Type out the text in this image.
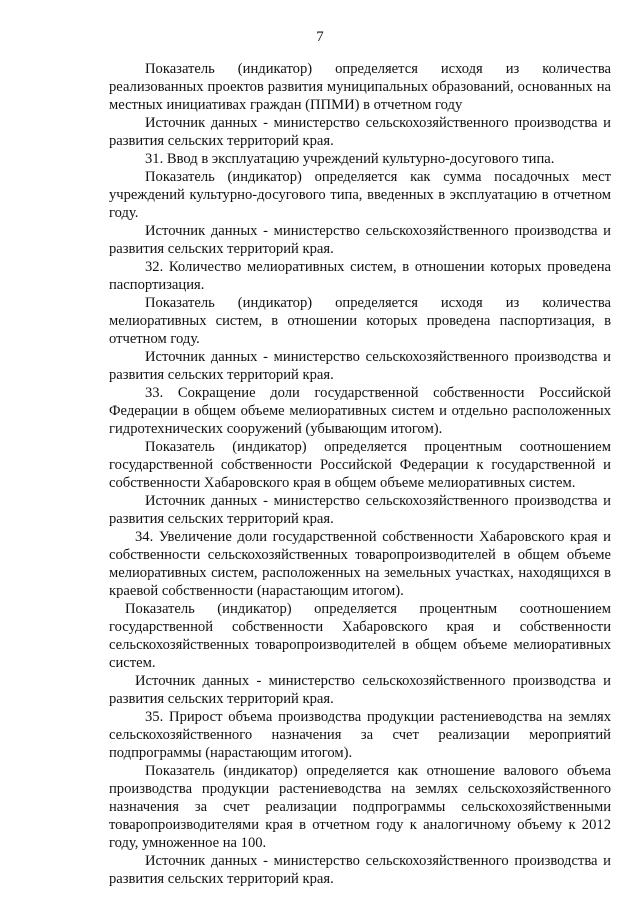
7

Показатель (индикатор) определяется исходя из количества реализованных проектов развития муниципальных образований, основанных на местных инициативах граждан (ППМИ) в отчетном году

Источник данных - министерство сельскохозяйственного производства и развития сельских территорий края.

31. Ввод в эксплуатацию учреждений культурно-досугового типа.

Показатель (индикатор) определяется как сумма посадочных мест учреждений культурно-досугового типа, введенных в эксплуатацию в отчетном году.

Источник данных - министерство сельскохозяйственного производства и развития сельских территорий края.

32. Количество мелиоративных систем, в отношении которых проведена паспортизация.

Показатель (индикатор) определяется исходя из количества мелиоративных систем, в отношении которых проведена паспортизация, в отчетном году.

Источник данных - министерство сельскохозяйственного производства и развития сельских территорий края.

33. Сокращение доли государственной собственности Российской Федерации в общем объеме мелиоративных систем и отдельно расположенных гидротехнических сооружений (убывающим итогом).

Показатель (индикатор) определяется процентным соотношением государственной собственности Российской Федерации к государственной и собственности Хабаровского края в общем объеме мелиоративных систем.

Источник данных - министерство сельскохозяйственного производства и развития сельских территорий края.

34. Увеличение доли государственной собственности Хабаровского края и собственности сельскохозяйственных товаропроизводителей в общем объеме мелиоративных систем, расположенных на земельных участках, находящихся в краевой собственности (нарастающим итогом).

Показатель (индикатор) определяется процентным соотношением государственной собственности Хабаровского края и собственности сельскохозяйственных товаропроизводителей в общем объеме мелиоративных систем.

Источник данных - министерство сельскохозяйственного производства и развития сельских территорий края.

35. Прирост объема производства продукции растениеводства на землях сельскохозяйственного назначения за счет реализации мероприятий подпрограммы (нарастающим итогом).

Показатель (индикатор) определяется как отношение валового объема производства продукции растениеводства на землях сельскохозяйственного назначения за счет реализации подпрограммы сельскохозяйственными товаропроизводителями края в отчетном году к аналогичному объему к 2012 году, умноженное на 100.

Источник данных - министерство сельскохозяйственного производства и развития сельских территорий края.
